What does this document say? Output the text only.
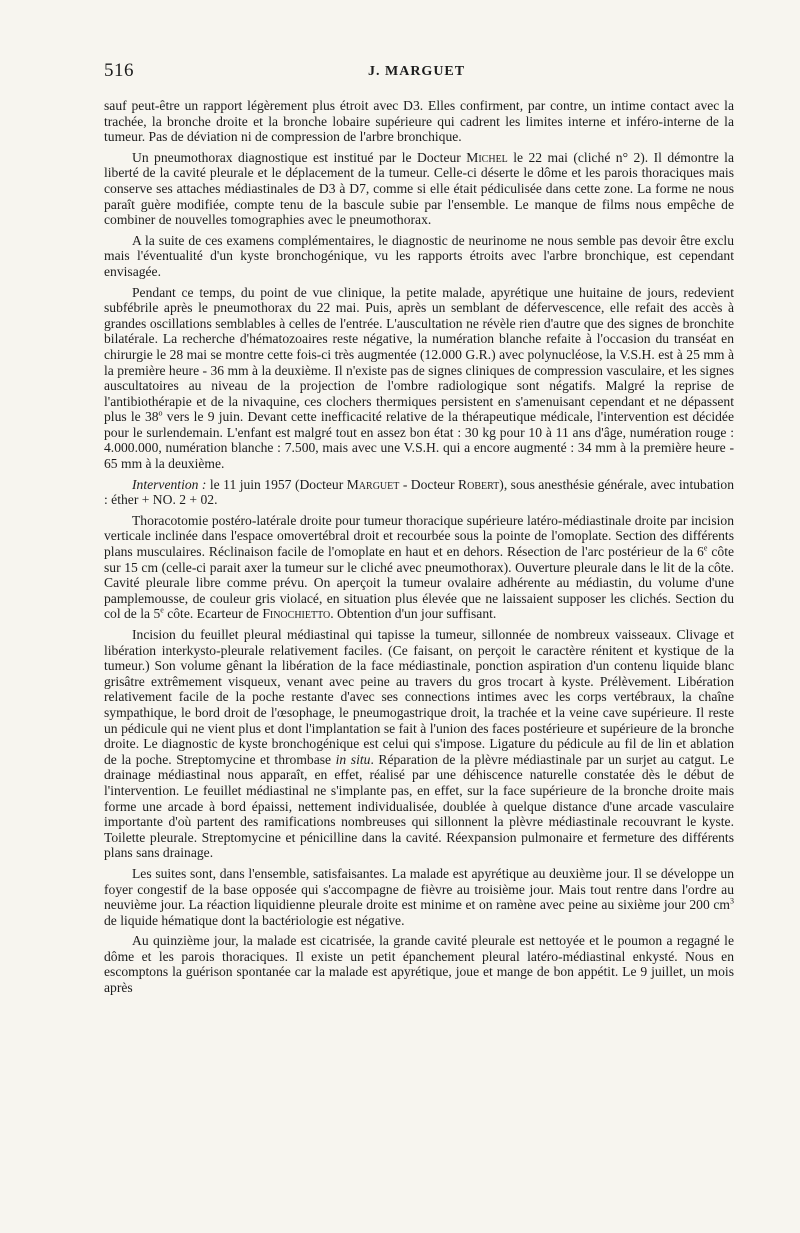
516	J. MARGUET

sauf peut-être un rapport légèrement plus étroit avec D3. Elles confirment, par contre, un intime contact avec la trachée, la bronche droite et la bronche lobaire supérieure qui cadrent les limites interne et inféro-interne de la tumeur. Pas de déviation ni de compression de l'arbre bronchique.

Un pneumothorax diagnostique est institué par le Docteur Michel le 22 mai (cliché n° 2). Il démontre la liberté de la cavité pleurale et le déplacement de la tumeur. Celle-ci déserte le dôme et les parois thoraciques mais conserve ses attaches médiastinales de D3 à D7, comme si elle était pédiculisée dans cette zone. La forme ne nous paraît guère modifiée, compte tenu de la bascule subie par l'ensemble. Le manque de films nous empêche de combiner de nouvelles tomographies avec le pneumothorax.

A la suite de ces examens complémentaires, le diagnostic de neurinome ne nous semble pas devoir être exclu mais l'éventualité d'un kyste bronchogénique, vu les rapports étroits avec l'arbre bronchique, est cependant envisagée.

Pendant ce temps, du point de vue clinique, la petite malade, apyrétique une huitaine de jours, redevient subfébrile après le pneumothorax du 22 mai. Puis, après un semblant de défervescence, elle refait des accès à grandes oscillations semblables à celles de l'entrée. L'auscultation ne révèle rien d'autre que des signes de bronchite bilatérale. La recherche d'hématozoaires reste négative, la numération blanche refaite à l'occasion du transéat en chirurgie le 28 mai se montre cette fois-ci très augmentée (12.000 G.R.) avec polynucléose, la V.S.H. est à 25 mm à la première heure - 36 mm à la deuxième. Il n'existe pas de signes cliniques de compression vasculaire, et les signes auscultatoires au niveau de la projection de l'ombre radiologique sont négatifs. Malgré la reprise de l'antibiothérapie et de la nivaquine, ces clochers thermiques persistent en s'amenuisant cependant et ne dépassent plus le 38$^o$ vers le 9 juin. Devant cette inefficacité relative de la thérapeutique médicale, l'intervention est décidée pour le surlendemain. L'enfant est malgré tout en assez bon état : 30 kg pour 10 à 11 ans d'âge, numération rouge : 4.000.000, numération blanche : 7.500, mais avec une V.S.H. qui a encore augmenté : 34 mm à la première heure - 65 mm à la deuxième.

Intervention : le 11 juin 1957 (Docteur Marguet - Docteur Robert), sous anesthésie générale, avec intubation : éther + NO. 2 + 02.

Thoracotomie postéro-latérale droite pour tumeur thoracique supérieure latéro-médiastinale droite par incision verticale inclinée dans l'espace omovertébral droit et recourbée sous la pointe de l'omoplate. Section des différents plans musculaires. Réclinaison facile de l'omoplate en haut et en dehors. Résection de l'arc postérieur de la 6e côte sur 15 cm (celle-ci parait axer la tumeur sur le cliché avec pneumothorax). Ouverture pleurale dans le lit de la côte. Cavité pleurale libre comme prévu. On aperçoit la tumeur ovalaire adhérente au médiastin, du volume d'une pamplemousse, de couleur gris violacé, en situation plus élevée que ne laissaient supposer les clichés. Section du col de la 5e côte. Ecarteur de Finochietto. Obtention d'un jour suffisant.

Incision du feuillet pleural médiastinal qui tapisse la tumeur, sillonnée de nombreux vaisseaux. Clivage et libération interkysto-pleurale relativement faciles. (Ce faisant, on perçoit le caractère rénitent et kystique de la tumeur.) Son volume gênant la libération de la face médiastinale, ponction aspiration d'un contenu liquide blanc grisâtre extrêmement visqueux, venant avec peine au travers du gros trocart à kyste. Prélèvement. Libération relativement facile de la poche restante d'avec ses connections intimes avec les corps vertébraux, la chaîne sympathique, le bord droit de l'œsophage, le pneumogastrique droit, la trachée et la veine cave supérieure. Il reste un pédicule qui ne vient plus et dont l'implantation se fait à l'union des faces postérieure et supérieure de la bronche droite. Le diagnostic de kyste bronchogénique est celui qui s'impose. Ligature du pédicule au fil de lin et ablation de la poche. Streptomycine et thrombase in situ. Réparation de la plèvre médiastinale par un surjet au catgut. Le drainage médiastinal nous apparaît, en effet, réalisé par une déhiscence naturelle constatée dès le début de l'intervention. Le feuillet médiastinal ne s'implante pas, en effet, sur la face supérieure de la bronche droite mais forme une arcade à bord épaissi, nettement individualisée, doublée à quelque distance d'une arcade vasculaire importante d'où partent des ramifications nombreuses qui sillonnent la plèvre médiastinale recouvrant le kyste. Toilette pleurale. Streptomycine et pénicilline dans la cavité. Réexpansion pulmonaire et fermeture des différents plans sans drainage.

Les suites sont, dans l'ensemble, satisfaisantes. La malade est apyrétique au deuxième jour. Il se développe un foyer congestif de la base opposée qui s'accompagne de fièvre au troisième jour. Mais tout rentre dans l'ordre au neuvième jour. La réaction liquidienne pleurale droite est minime et on ramène avec peine au sixième jour 200 $cm^3$ de liquide hématique dont la bactériologie est négative.

Au quinzième jour, la malade est cicatrisée, la grande cavité pleurale est nettoyée et le poumon a regagné le dôme et les parois thoraciques. Il existe un petit épanchement pleural latéro-médiastinal enkysté. Nous en escomptons la guérison spontanée car la malade est apyrétique, joue et mange de bon appétit. Le 9 juillet, un mois après
